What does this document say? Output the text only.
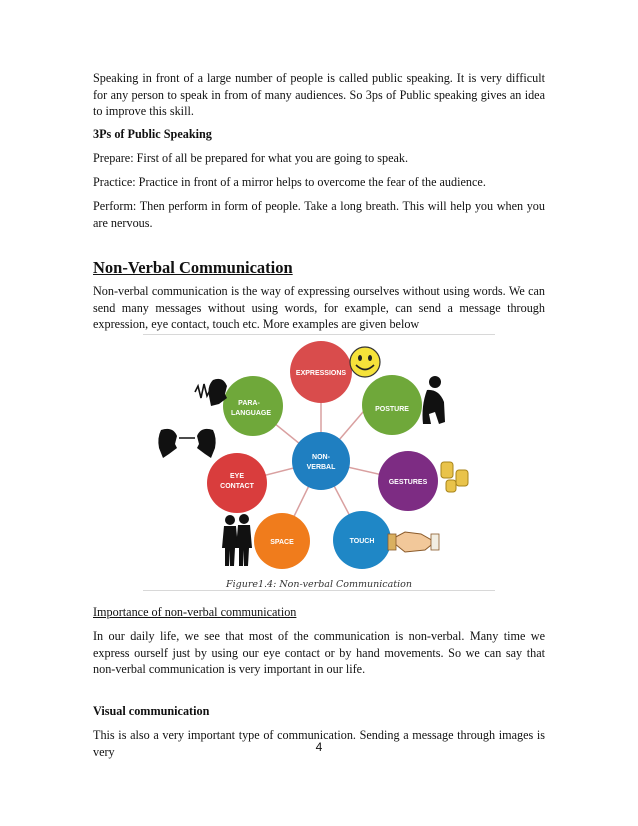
Speaking in front of a large number of people is called public speaking. It is very difficult for any person to speak in from of many audiences. So 3ps of Public speaking gives an idea to improve this skill.

3Ps of Public Speaking

Prepare: First of all be prepared for what you are going to speak.

Practice: Practice in front of a mirror helps to overcome the fear of the audience.

Perform: Then perform in form of people. Take a long breath. This will help you when you are nervous.

Non-Verbal Communication

Non-verbal communication is the way of expressing ourselves without using words. We can send many messages without using words, for example, can send a message through expression, eye contact, touch etc. More examples are given below

EXPRESSIONS
POSTURE
GESTURES
TOUCH
SPACE
EYE
CONTACT
PARA-
LANGUAGE
NON-
VERBAL
Figure1.4: Non-verbal Communication

Importance of non-verbal communication

In our daily life, we see that most of the communication is non-verbal. Many time we express ourself just by using our eye contact or by hand movements. So we can say that non-verbal communication is very important in our life.

Visual communication

This is also a very important type of communication. Sending a message through images is very	4
